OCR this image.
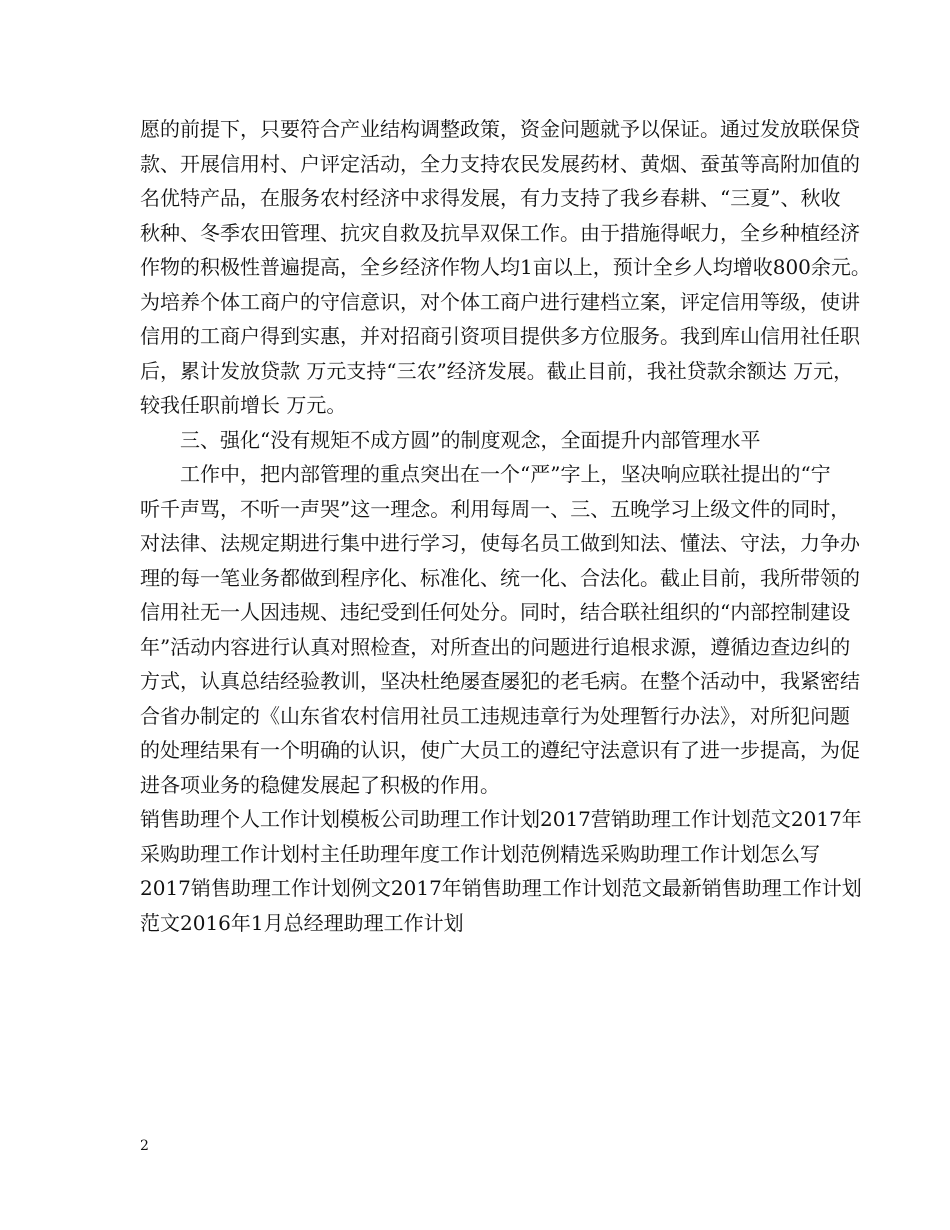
愿的前提下，只要符合产业结构调整政策，资金问题就予以保证。通过发放联保贷
款、开展信用村、户评定活动，全力支持农民发展药材、黄烟、蚕茧等高附加值的
名优特产品，在服务农村经济中求得发展，有力支持了我乡春耕、“三夏”、秋收
秋种、冬季农田管理、抗灾自救及抗旱双保工作。由于措施得岷力，全乡种植经济
作物的积极性普遍提高，全乡经济作物人均1亩以上，预计全乡人均增收800余元。
为培养个体工商户的守信意识，对个体工商户进行建档立案，评定信用等级，使讲
信用的工商户得到实惠，并对招商引资项目提供多方位服务。我到库山信用社任职
后，累计发放贷款 万元支持“三农”经济发展。截止目前，我社贷款余额达 万元，
较我任职前增长 万元。
三、强化“没有规矩不成方圆”的制度观念，全面提升内部管理水平
工作中，把内部管理的重点突出在一个“严”字上，坚决响应联社提出的“宁
听千声骂，不听一声哭”这一理念。利用每周一、三、五晚学习上级文件的同时，
对法律、法规定期进行集中进行学习，使每名员工做到知法、懂法、守法，力争办
理的每一笔业务都做到程序化、标准化、统一化、合法化。截止目前，我所带领的
信用社无一人因违规、违纪受到任何处分。同时，结合联社组织的“内部控制建设
年”活动内容进行认真对照检查，对所查出的问题进行追根求源，遵循边查边纠的
方式，认真总结经验教训，坚决杜绝屡查屡犯的老毛病。在整个活动中，我紧密结
合省办制定的《山东省农村信用社员工违规违章行为处理暂行办法》，对所犯问题
的处理结果有一个明确的认识，使广大员工的遵纪守法意识有了进一步提高，为促
进各项业务的稳健发展起了积极的作用。
销售助理个人工作计划模板公司助理工作计划2017营销助理工作计划范文2017年
采购助理工作计划村主任助理年度工作计划范例精选采购助理工作计划怎么写
2017销售助理工作计划例文2017年销售助理工作计划范文最新销售助理工作计划
范文2016年1月总经理助理工作计划
2
